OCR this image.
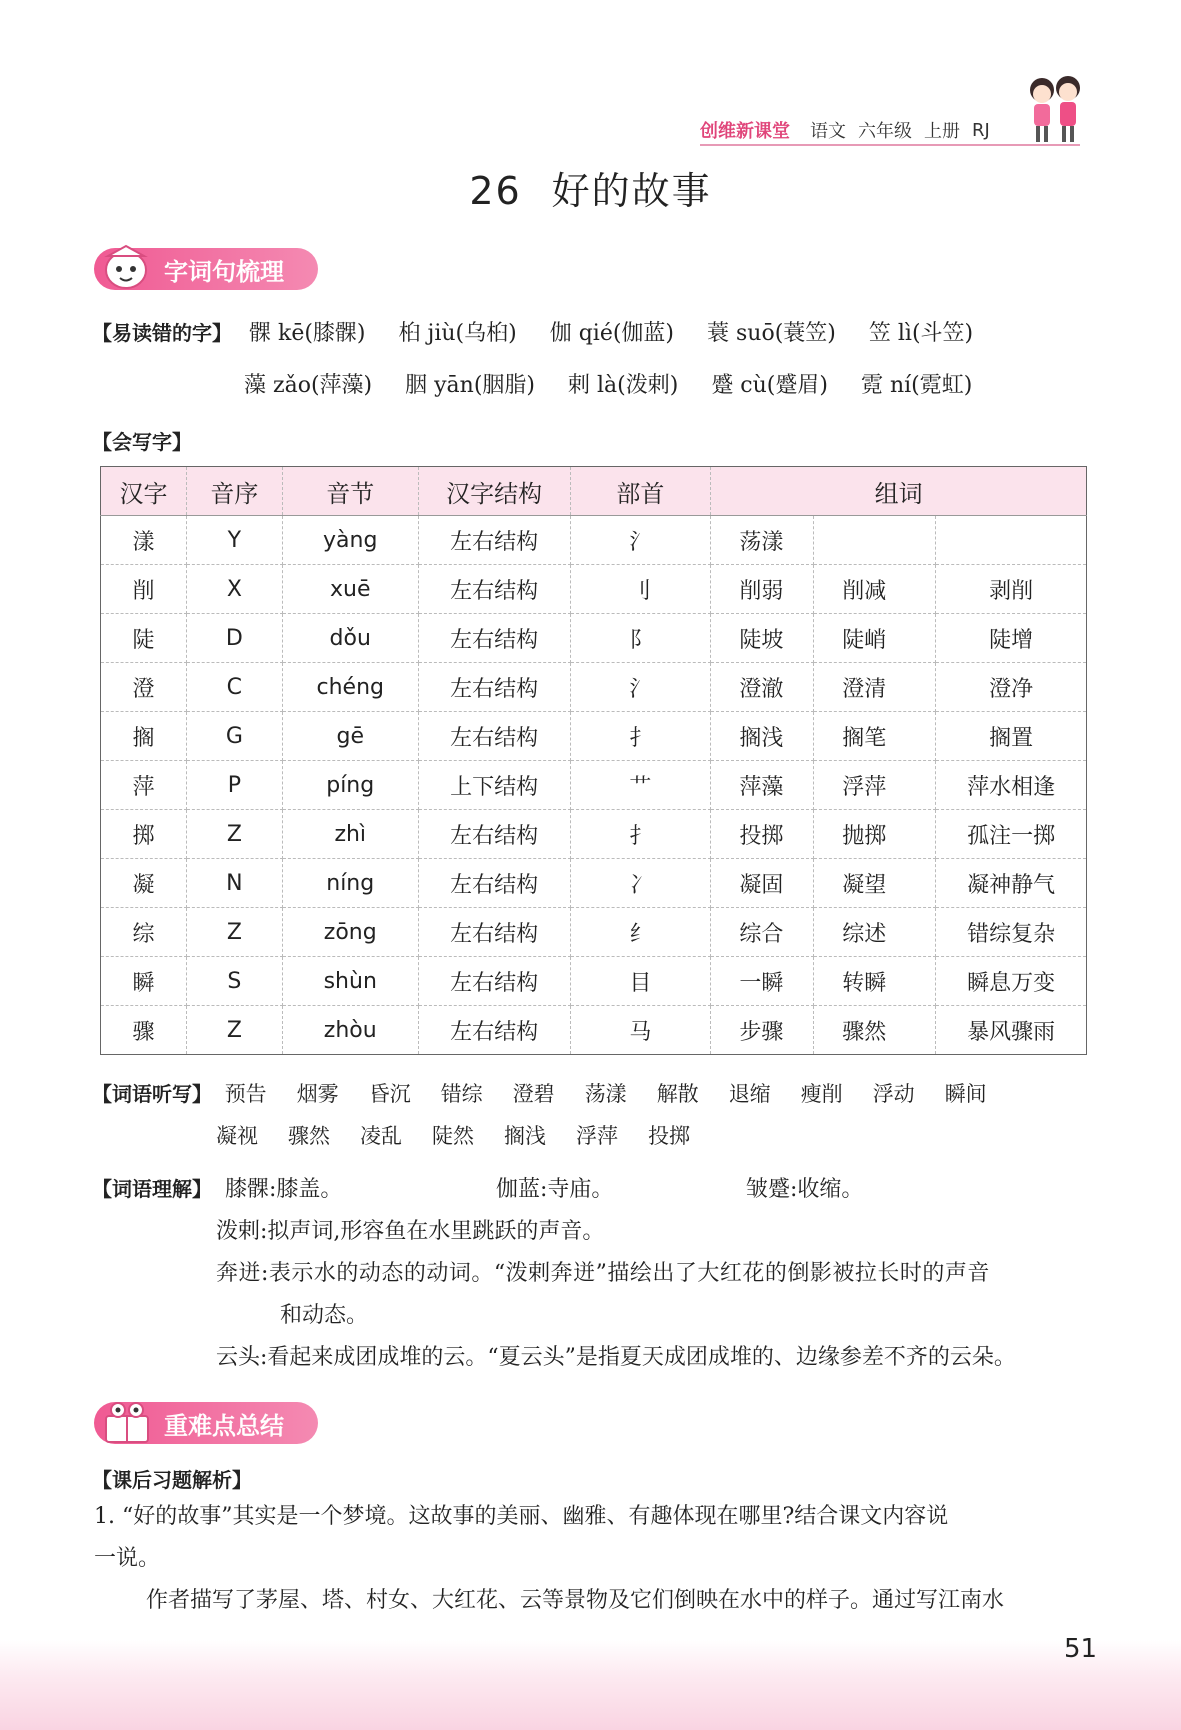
创维新课堂 语文 六年级 上册 RJ
26 好的故事
字词句梳理
【易读错的字】 髁 kē(膝髁) 桕 jiù(乌桕) 伽 qié(伽蓝) 蓑 suō(蓑笠) 笠 lì(斗笠)
藻 zǎo(萍藻) 胭 yān(胭脂) 剌 là(泼剌) 蹙 cù(蹙眉) 霓 ní(霓虹)
【会写字】
汉字	音序	音节	汉字结构	部首	组词		
漾	Y	yàng	左右结构	氵	荡漾		
削	X	xuē	左右结构	刂	削弱	削减	剥削
陡	D	dǒu	左右结构	阝	陡坡	陡峭	陡增
澄	C	chéng	左右结构	氵	澄澈	澄清	澄净
搁	G	gē	左右结构	扌	搁浅	搁笔	搁置
萍	P	píng	上下结构	艹	萍藻	浮萍	萍水相逢
掷	Z	zhì	左右结构	扌	投掷	抛掷	孤注一掷
凝	N	níng	左右结构	冫	凝固	凝望	凝神静气
综	Z	zōng	左右结构	纟	综合	综述	错综复杂
瞬	S	shùn	左右结构	目	一瞬	转瞬	瞬息万变
骤	Z	zhòu	左右结构	马	步骤	骤然	暴风骤雨
【词语听写】 预告 烟雾 昏沉 错综 澄碧 荡漾 解散 退缩 瘦削 浮动 瞬间
凝视 骤然 凌乱 陡然 搁浅 浮萍 投掷
【词语理解】 膝髁:膝盖。	伽蓝:寺庙。	皱蹙:收缩。
泼剌:拟声词,形容鱼在水里跳跃的声音。
奔迸:表示水的动态的动词。“泼剌奔迸”描绘出了大红花的倒影被拉长时的声音
和动态。
云头:看起来成团成堆的云。“夏云头”是指夏天成团成堆的、边缘参差不齐的云朵。
重难点总结
【课后习题解析】
1. “好的故事”其实是一个梦境。这故事的美丽、幽雅、有趣体现在哪里?结合课文内容说
一说。
作者描写了茅屋、塔、村女、大红花、云等景物及它们倒映在水中的样子。通过写江南水
51
